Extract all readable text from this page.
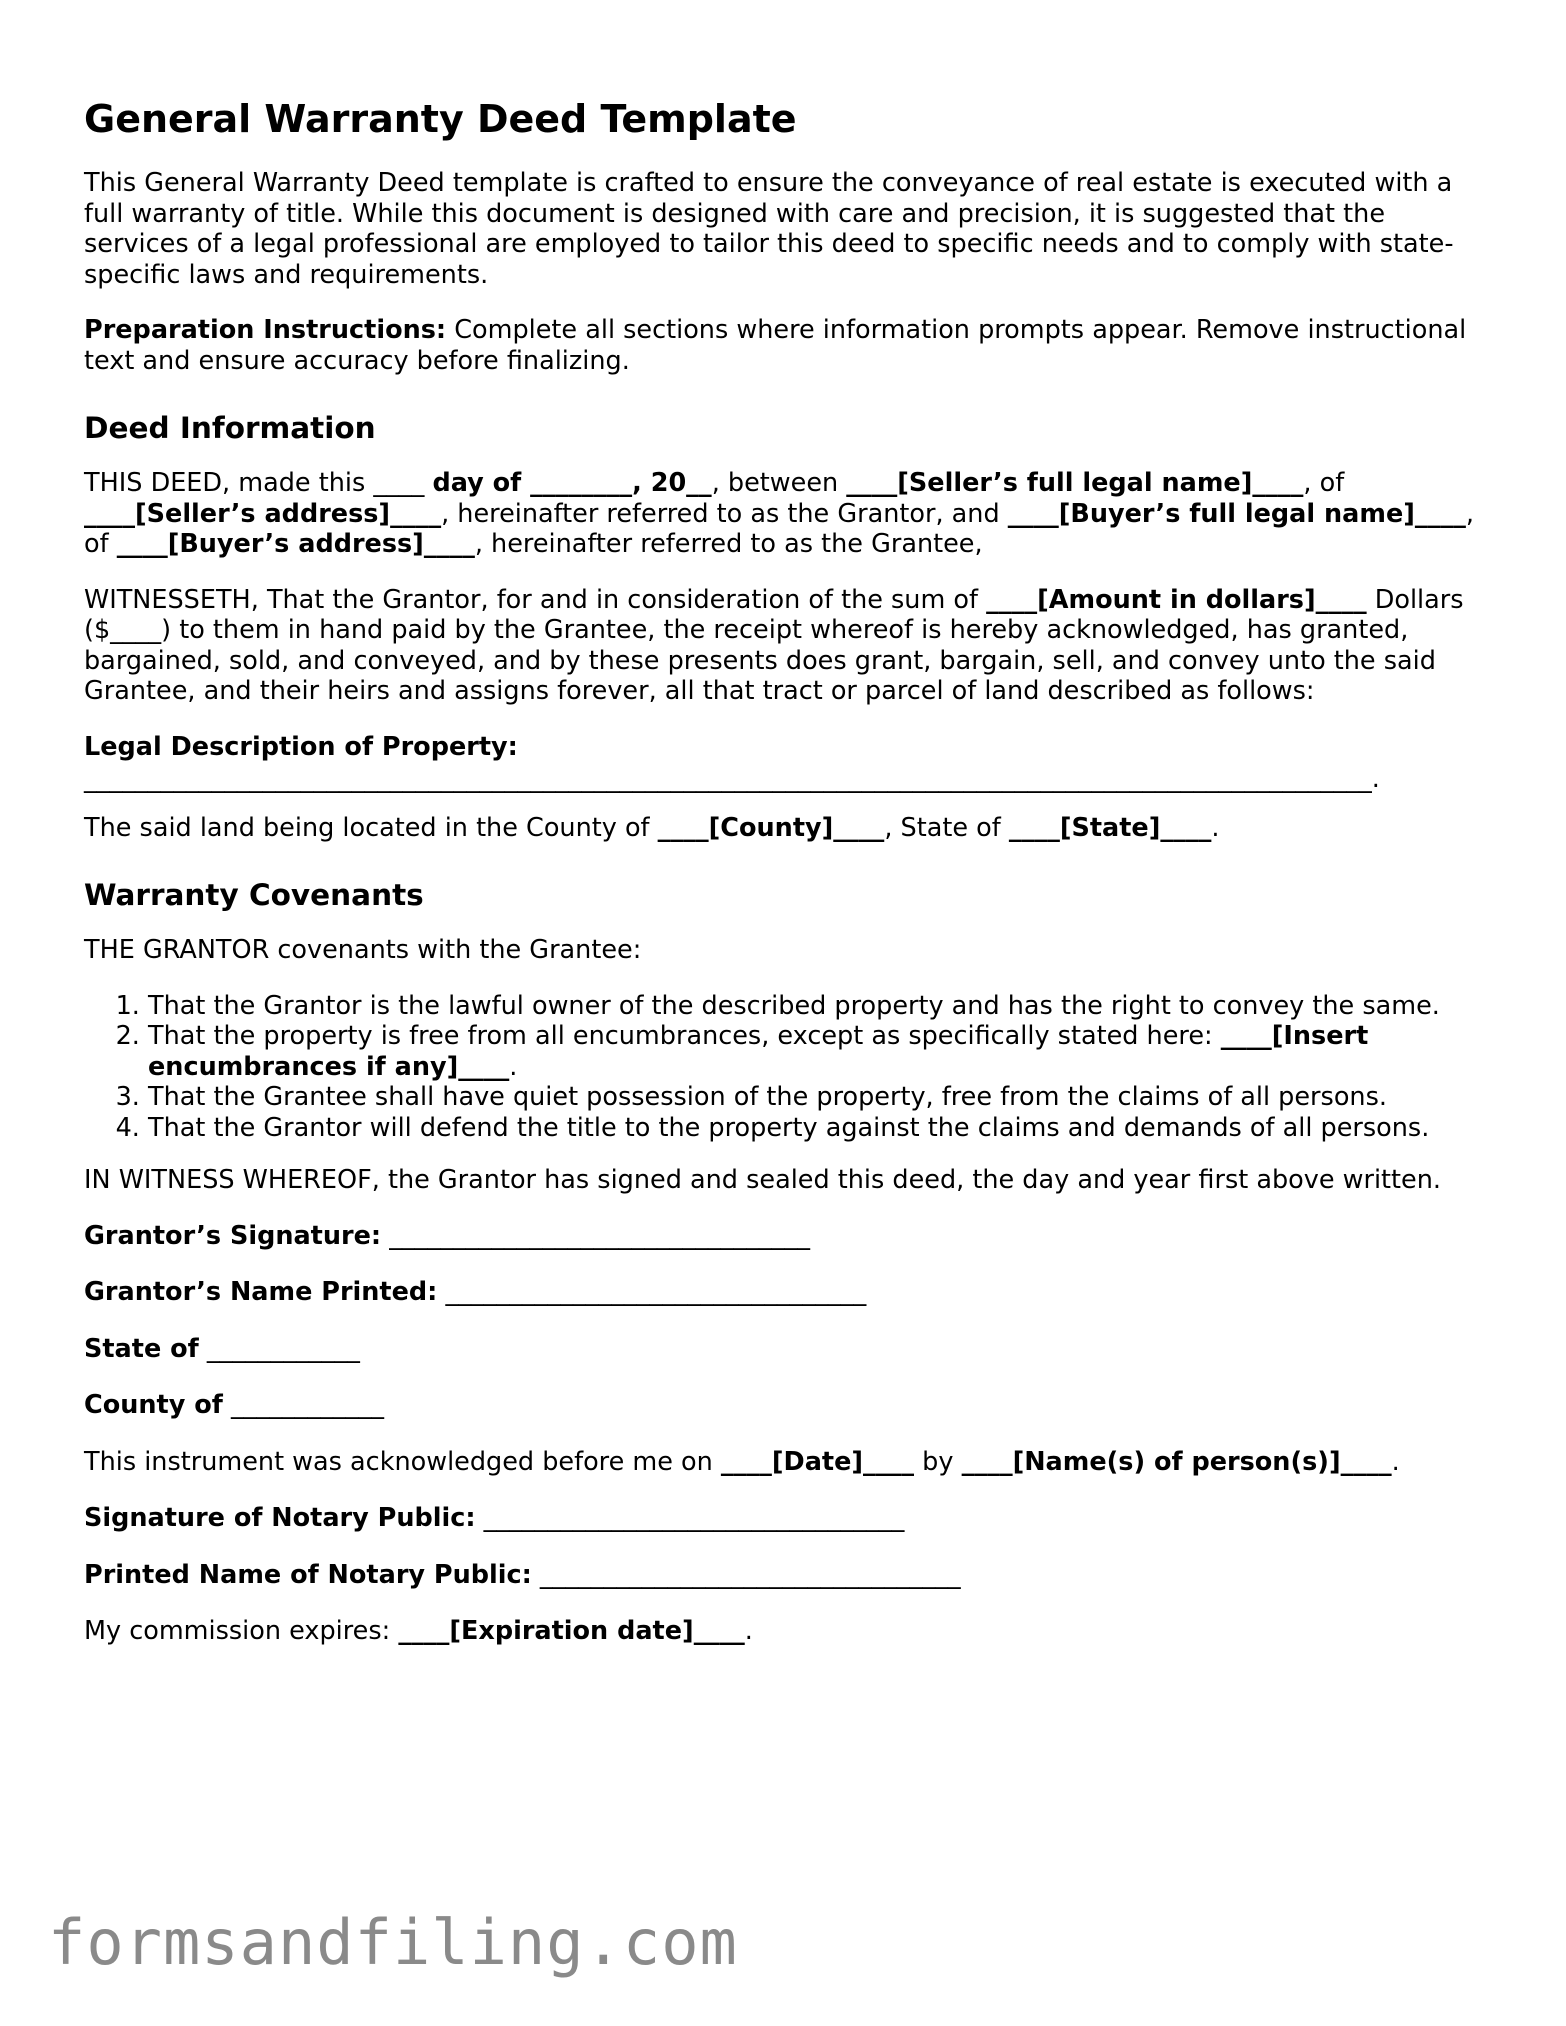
General Warranty Deed Template

This General Warranty Deed template is crafted to ensure the conveyance of real estate is executed with a full warranty of title. While this document is designed with care and precision, it is suggested that the services of a legal professional are employed to tailor this deed to specific needs and to comply with state-specific laws and requirements.

Preparation Instructions: Complete all sections where information prompts appear. Remove instructional text and ensure accuracy before finalizing.

Deed Information

THIS DEED, made this ____ day of ________, 20__, between ____[Seller’s full legal name]____, of ____[Seller’s address]____, hereinafter referred to as the Grantor, and ____[Buyer’s full legal name]____, of ____[Buyer’s address]____, hereinafter referred to as the Grantee,

WITNESSETH, That the Grantor, for and in consideration of the sum of ____[Amount in dollars]____ Dollars ($____) to them in hand paid by the Grantee, the receipt whereof is hereby acknowledged, has granted, bargained, sold, and conveyed, and by these presents does grant, bargain, sell, and convey unto the said Grantee, and their heirs and assigns forever, all that tract or parcel of land described as follows:

Legal Description of Property:

_____________________________________________________________________________________________________.

The said land being located in the County of ____[County]____, State of ____[State]____.

Warranty Covenants

THE GRANTOR covenants with the Grantee:

1. That the Grantor is the lawful owner of the described property and has the right to convey the same.
2. That the property is free from all encumbrances, except as specifically stated here: ____[Insert encumbrances if any]____.
3. That the Grantee shall have quiet possession of the property, free from the claims of all persons.
4. That the Grantor will defend the title to the property against the claims and demands of all persons.

IN WITNESS WHEREOF, the Grantor has signed and sealed this deed, the day and year first above written.

Grantor’s Signature: _________________________________

Grantor’s Name Printed: _________________________________

State of ____________

County of ____________

This instrument was acknowledged before me on ____[Date]____ by ____[Name(s) of person(s)]____.

Signature of Notary Public: _________________________________

Printed Name of Notary Public: _________________________________

My commission expires: ____[Expiration date]____.

formsandfiling.com
